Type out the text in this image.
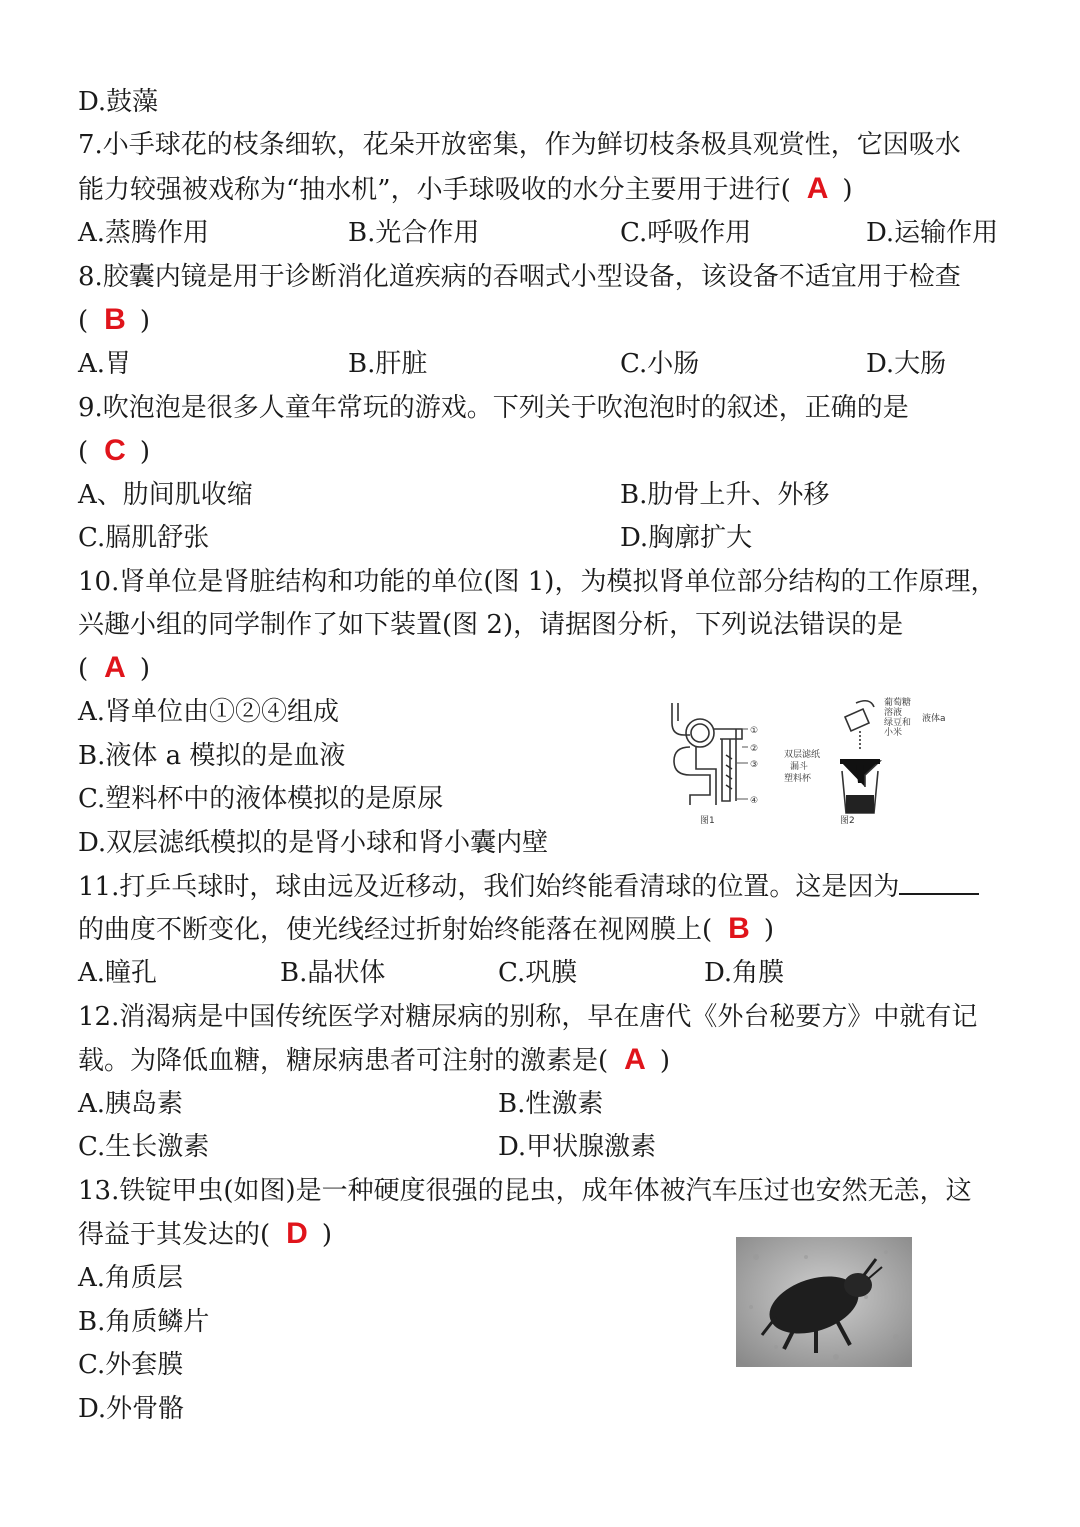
D.鼓藻
7.小手球花的枝条细软，花朵开放密集，作为鲜切枝条极具观赏性，它因吸水
能力较强被戏称为“抽水机”，小手球吸收的水分主要用于进行( A )
A.蒸腾作用	B.光合作用	C.呼吸作用	D.运输作用
8.胶囊内镜是用于诊断消化道疾病的吞咽式小型设备，该设备不适宜用于检查
( B )
A.胃	B.肝脏	C.小肠	D.大肠
9.吹泡泡是很多人童年常玩的游戏。下列关于吹泡泡时的叙述，正确的是
( C )
A、肋间肌收缩	B.肋骨上升、外移
C.膈肌舒张	D.胸廓扩大
10.肾单位是肾脏结构和功能的单位(图 1)，为模拟肾单位部分结构的工作原理，
兴趣小组的同学制作了如下装置(图 2)，请据图分析，下列说法错误的是
( A )
A.肾单位由①②④组成
B.液体 a 模拟的是血液
C.塑料杯中的液体模拟的是原尿
D.双层滤纸模拟的是肾小球和肾小囊内壁
①
②
③
④
图1
葡萄糖
溶液
绿豆和
小米
液体a
双层滤纸
漏斗
塑料杯
图2
11.打乒乓球时，球由远及近移动，我们始终能看清球的位置。这是因为
的曲度不断变化，使光线经过折射始终能落在视网膜上( B )
A.瞳孔	B.晶状体	C.巩膜	D.角膜
12.消渴病是中国传统医学对糖尿病的别称，早在唐代《外台秘要方》中就有记
载。为降低血糖，糖尿病患者可注射的激素是( A )
A.胰岛素	B.性激素
C.生长激素	D.甲状腺激素
13.铁锭甲虫(如图)是一种硬度很强的昆虫，成年体被汽车压过也安然无恙，这
得益于其发达的( D )
A.角质层
B.角质鳞片
C.外套膜
D.外骨骼
